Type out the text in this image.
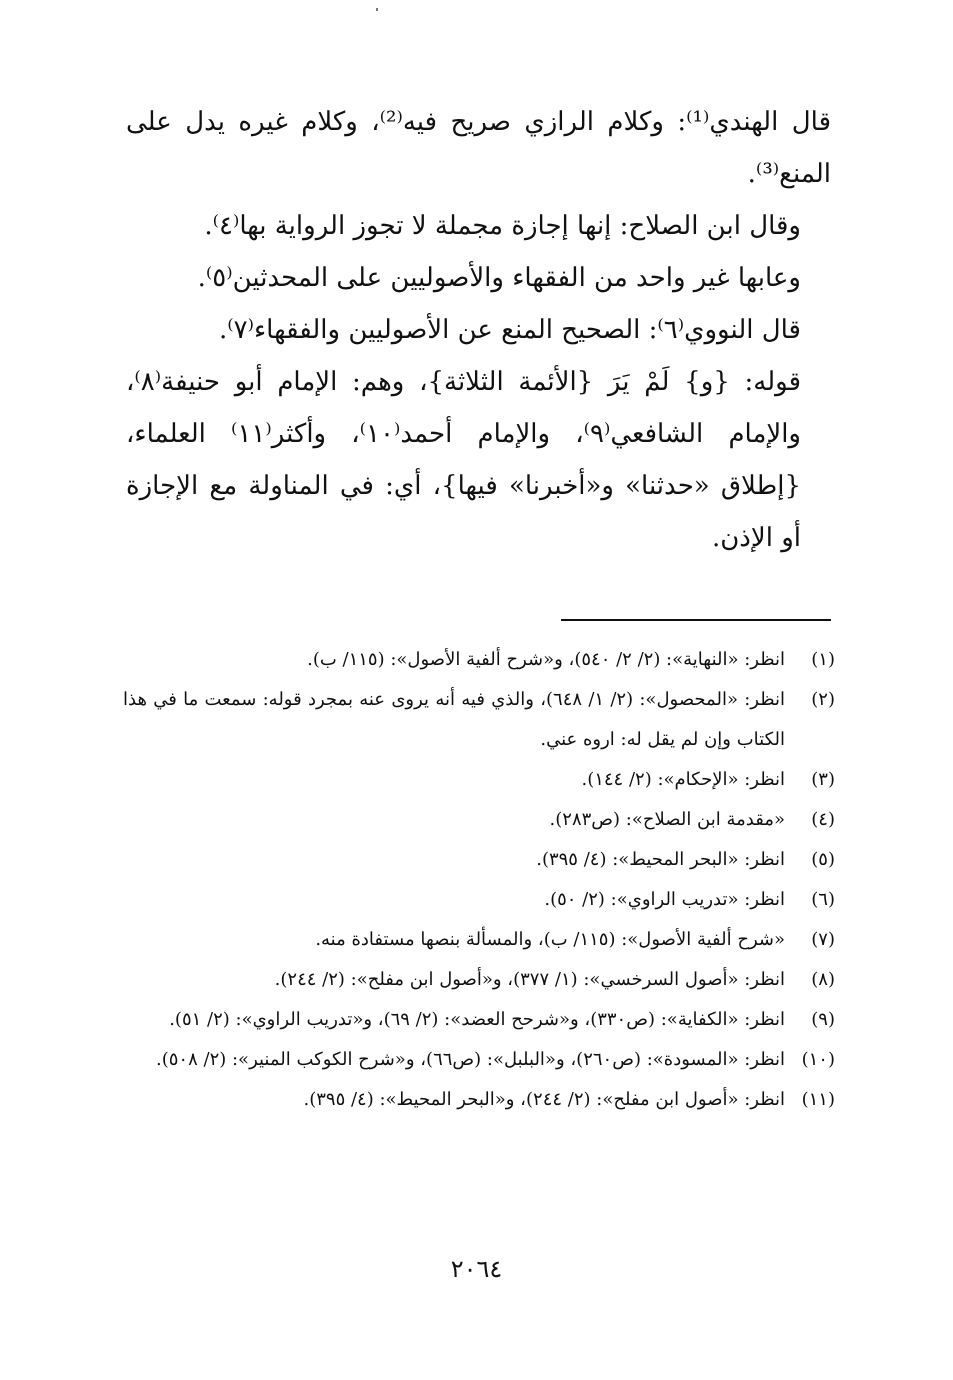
قال الهندي⁽¹⁾: وكلام الرازي صريح فيه⁽²⁾، وكلام غيره يدل على المنع⁽³⁾.

وقال ابن الصلاح: إنها إجازة مجملة لا تجوز الرواية بها⁽٤⁾.

وعابها غير واحد من الفقهاء والأصوليين على المحدثين⁽٥⁾.

قال النووي⁽٦⁾: الصحيح المنع عن الأصوليين والفقهاء⁽٧⁾.

قوله: {و} لَمْ يَرَ {الأئمة الثلاثة}، وهم: الإمام أبو حنيفة⁽٨⁾، والإمام الشافعي⁽٩⁾، والإمام أحمد⁽١٠⁾، وأكثر⁽١١⁾ العلماء، {إطلاق «حدثنا» و«أخبرنا» فيها}، أي: في المناولة مع الإجازة أو الإذن.

(١)
انظر: «النهاية»: (٢/ ٢/ ٥٤٠)، و«شرح ألفية الأصول»: (١١٥/ ب).
(٢)
انظر: «المحصول»: (٢/ ١/ ٦٤٨)، والذي فيه أنه يروى عنه بمجرد قوله: سمعت ما في هذا الكتاب وإن لم يقل له: اروه عني.
(٣)
انظر: «الإحكام»: (٢/ ١٤٤).
(٤)
«مقدمة ابن الصلاح»: (ص٢٨٣).
(٥)
انظر: «البحر المحيط»: (٤/ ٣٩٥).
(٦)
انظر: «تدريب الراوي»: (٢/ ٥٠).
(٧)
«شرح ألفية الأصول»: (١١٥/ ب)، والمسألة بنصها مستفادة منه.
(٨)
انظر: «أصول السرخسي»: (١/ ٣٧٧)، و«أصول ابن مفلح»: (٢/ ٢٤٤).
(٩)
انظر: «الكفاية»: (ص٣٣٠)، و«شرحح العضد»: (٢/ ٦٩)، و«تدريب الراوي»: (٢/ ٥١).
(١٠)
انظر: «المسودة»: (ص٢٦٠)، و«البلبل»: (ص٦٦)، و«شرح الكوكب المنير»: (٢/ ٥٠٨).
(١١)
انظر: «أصول ابن مفلح»: (٢/ ٢٤٤)، و«البحر المحيط»: (٤/ ٣٩٥).
٢٠٦٤
